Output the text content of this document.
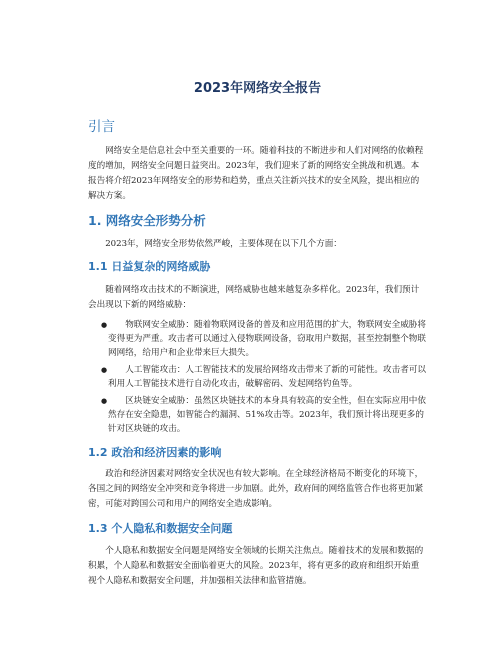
2023年网络安全报告
引言

网络安全是信息社会中至关重要的一环。随着科技的不断进步和人们对网络的依赖程度的增加，网络安全问题日益突出。2023年，我们迎来了新的网络安全挑战和机遇。本报告将介绍2023年网络安全的形势和趋势，重点关注新兴技术的安全风险，提出相应的解决方案。

1. 网络安全形势分析

2023年，网络安全形势依然严峻，主要体现在以下几个方面：

1.1 日益复杂的网络威胁

随着网络攻击技术的不断演进，网络威胁也越来越复杂多样化。2023年，我们预计会出现以下新的网络威胁：

●	物联网安全威胁：随着物联网设备的普及和应用范围的扩大，物联网安全威胁将变得更为严重。攻击者可以通过入侵物联网设备，窃取用户数据，甚至控制整个物联网网络，给用户和企业带来巨大损失。
●	人工智能攻击：人工智能技术的发展给网络攻击带来了新的可能性。攻击者可以利用人工智能技术进行自动化攻击，破解密码、发起网络钓鱼等。
●	区块链安全威胁：虽然区块链技术的本身具有较高的安全性，但在实际应用中依然存在安全隐患，如智能合约漏洞、51%攻击等。2023年，我们预计将出现更多的针对区块链的攻击。
1.2 政治和经济因素的影响

政治和经济因素对网络安全状况也有较大影响。在全球经济格局不断变化的环境下，各国之间的网络安全冲突和竞争将进一步加剧。此外，政府间的网络监管合作也将更加紧密，可能对跨国公司和用户的网络安全造成影响。

1.3 个人隐私和数据安全问题

个人隐私和数据安全问题是网络安全领域的长期关注焦点。随着技术的发展和数据的积累，个人隐私和数据安全面临着更大的风险。2023年，将有更多的政府和组织开始重视个人隐私和数据安全问题，并加强相关法律和监管措施。
